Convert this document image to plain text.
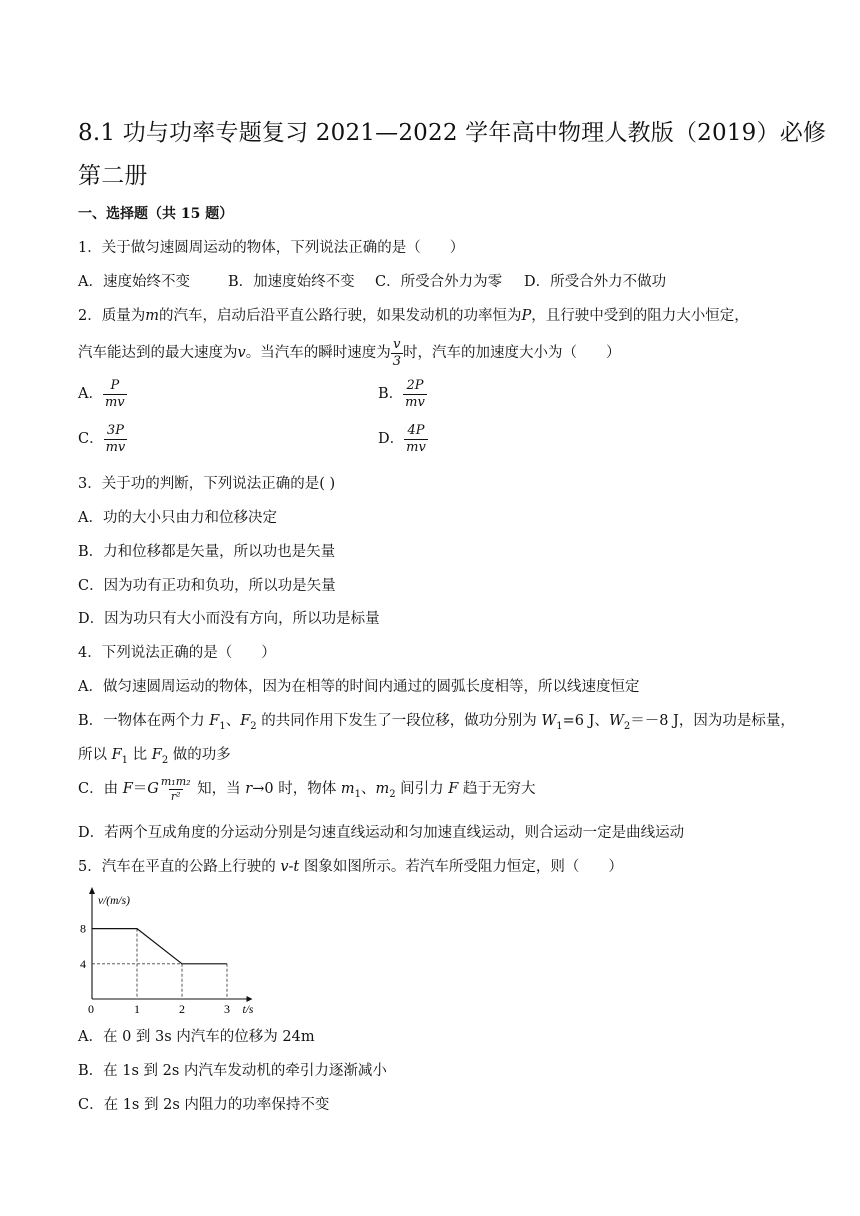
8.1 功与功率专题复习 2021—2022 学年高中物理人教版（2019）必修
第二册
一、选择题（共 15 题）
1．关于做匀速圆周运动的物体，下列说法正确的是（　　）
A．速度始终不变	B．加速度始终不变 C．所受合外力为零 D．所受合外力不做功
2．质量为m的汽车，启动后沿平直公路行驶，如果发动机的功率恒为P，且行驶中受到的阻力大小恒定，
汽车能达到的最大速度为v。当汽车的瞬时速度为 $\frac{v}{3}$ 时，汽车的加速度大小为（　　）
A． $\frac{P}{mv}$	B． $\frac{2P}{mv}$
C． $\frac{3P}{mv}$	D． $\frac{4P}{mv}$
3．关于功的判断，下列说法正确的是( )
A．功的大小只由力和位移决定
B．力和位移都是矢量，所以功也是矢量
C．因为功有正功和负功，所以功是矢量
D．因为功只有大小而没有方向，所以功是标量
4．下列说法正确的是（　　）
A．做匀速圆周运动的物体，因为在相等的时间内通过的圆弧长度相等，所以线速度恒定
B．一物体在两个力 $F_1$、$F_2$ 的共同作用下发生了一段位移，做功分别为 $W_1=6$ J、$W_2=-8$ J，因为功是标量，
所以 $F_1$ 比 $F_2$ 做的功多
C．由 $F=G \frac{\text{m₁m₂}}{\text{r²}}$ 知，当 r→0 时，物体 $m_1$、$m_2$ 间引力 F 趋于无穷大
D．若两个互成角度的分运动分别是匀速直线运动和匀加速直线运动，则合运动一定是曲线运动
5．汽车在平直的公路上行驶的 v-t 图象如图所示。若汽车所受阻力恒定，则（　　）
0	1	2	3
4
8
v/(m/s)
t/s
A．在 0 到 3s 内汽车的位移为 24m
B．在 1s 到 2s 内汽车发动机的牵引力逐渐减小
C．在 1s 到 2s 内阻力的功率保持不变
